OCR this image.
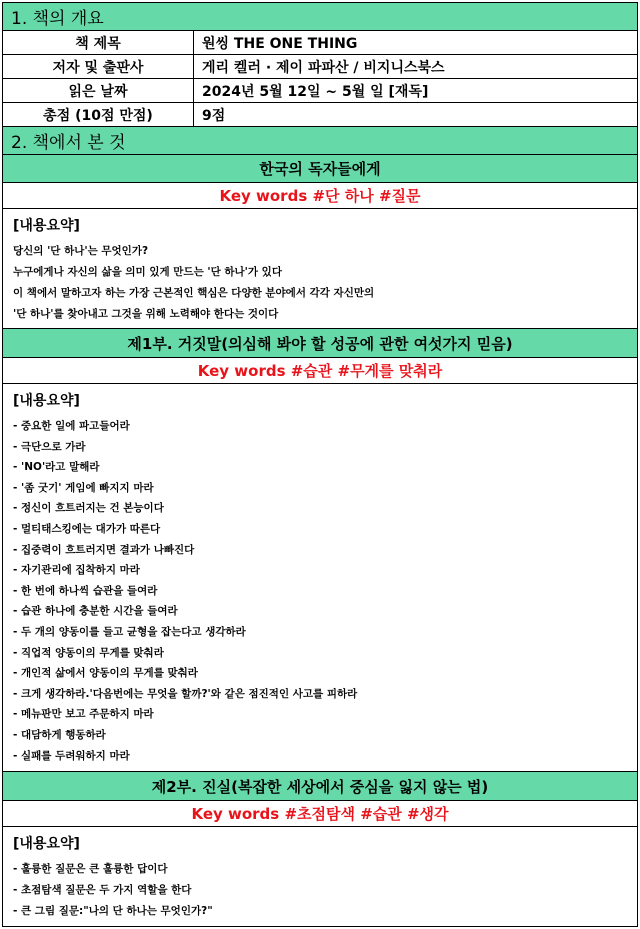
1. 책의 개요
책 제목	원씽 THE ONE THING
저자 및 출판사	게리 켈러 · 제이 파파산 / 비지니스북스
읽은 날짜	2024년 5월 12일 ~ 5월 일 [재독]
총점 (10점 만점)	9점
2. 책에서 본 것
한국의 독자들에게
Key words #단 하나 #질문
[내용요약]
당신의 '단 하나'는 무엇인가?
누구에게나 자신의 삶을 의미 있게 만드는 '단 하나'가 있다
이 책에서 말하고자 하는 가장 근본적인 핵심은 다양한 분야에서 각각 자신만의
'단 하나'를 찾아내고 그것을 위해 노력해야 한다는 것이다
제1부. 거짓말(의심해 봐야 할 성공에 관한 여섯가지 믿음)
Key words #습관 #무게를 맞춰라
[내용요약]
- 중요한 일에 파고들어라
- 극단으로 가라
- 'NO'라고 말해라
- '좀 굿기' 게임에 빠지지 마라
- 정신이 흐트러지는 건 본능이다
- 멀티태스킹에는 대가가 따른다
- 집중력이 흐트러지면 결과가 나빠진다
- 자기관리에 집착하지 마라
- 한 번에 하나씩 습관을 들여라
- 습관 하나에 충분한 시간을 들여라
- 두 개의 양동이를 들고 균형을 잡는다고 생각하라
- 직업적 양동이의 무게를 맞춰라
- 개인적 삶에서 양동이의 무게를 맞춰라
- 크게 생각하라.'다음번에는 무엇을 할까?'와 같은 점진적인 사고를 피하라
- 메뉴판만 보고 주문하지 마라
- 대담하게 행동하라
- 실패를 두려워하지 마라
제2부. 진실(복잡한 세상에서 중심을 잃지 않는 법)
Key words #초점탐색 #습관 #생각
[내용요약]
- 훌륭한 질문은 큰 훌륭한 답이다
- 초점탐색 질문은 두 가지 역할을 한다
- 큰 그림 질문:"나의 단 하나는 무엇인가?"
